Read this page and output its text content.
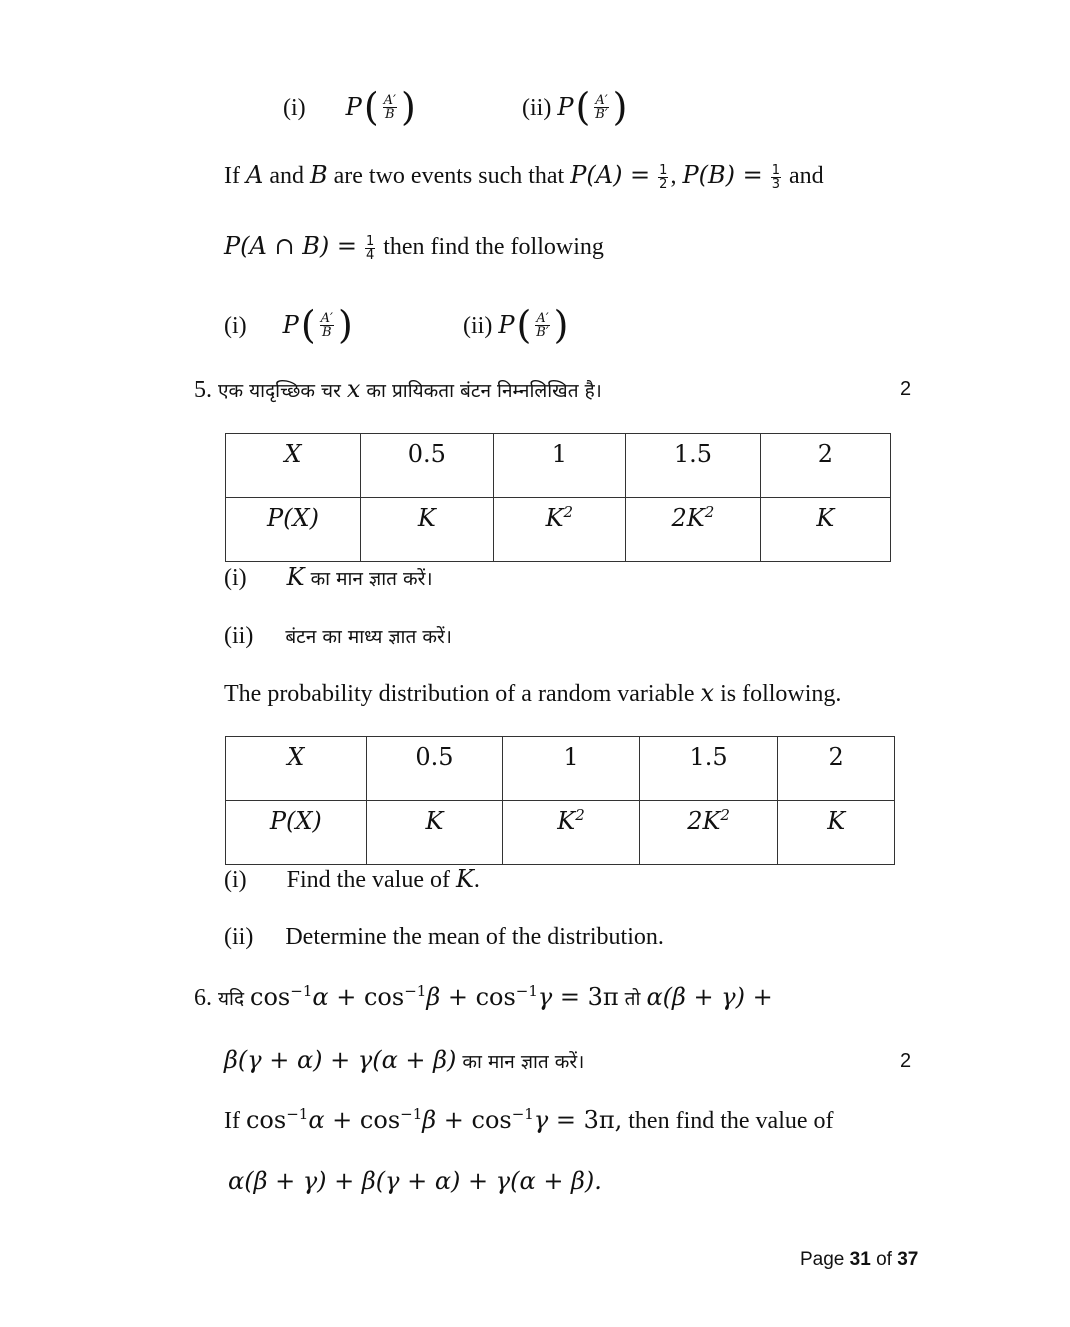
(i) P ( $\frac{A'}{B}$ )	(ii) P ( $\frac{A'}{B'}$ )
If A and B are two events such that $P(A) = \frac{1}{2}$ , $P(B) = \frac{1}{3}$ and
P(A ∩ $B) = \frac{1}{4}$ then find the following
(i) P ( $\frac{A'}{B}$ )	(ii) P ( $\frac{A'}{B'}$ )
5. एक यादृच्छिक चर x का प्रायिकता बंटन निम्नलिखित है।	2
X	0.5	1	1.5	2
P(X)	K	$K^2$	$2K^2$	K
(i) K का मान ज्ञात करें।
(ii) बंटन का माध्य ज्ञात करें।
The probability distribution of a random variable x is following.
X	0.5	1	1.5	2
P(X)	K	$K^2$	$2K^2$	K
(i) Find the value of K.
(ii) Determine the mean of the distribution.
6. यदि $\cos^{-1}\alpha + \cos^{-1}\beta + \cos^{-1}\gamma = 3\pi$ तो α(β + γ) +
β(γ + α) + γ(α + β) का मान ज्ञात करें।	2
If $\cos^{-1}\alpha + \cos^{-1}\beta + \cos^{-1}\gamma = 3\pi$, then find the value of
α(β + γ) + β(γ + α) + γ(α + β).
Page 31 of 37
